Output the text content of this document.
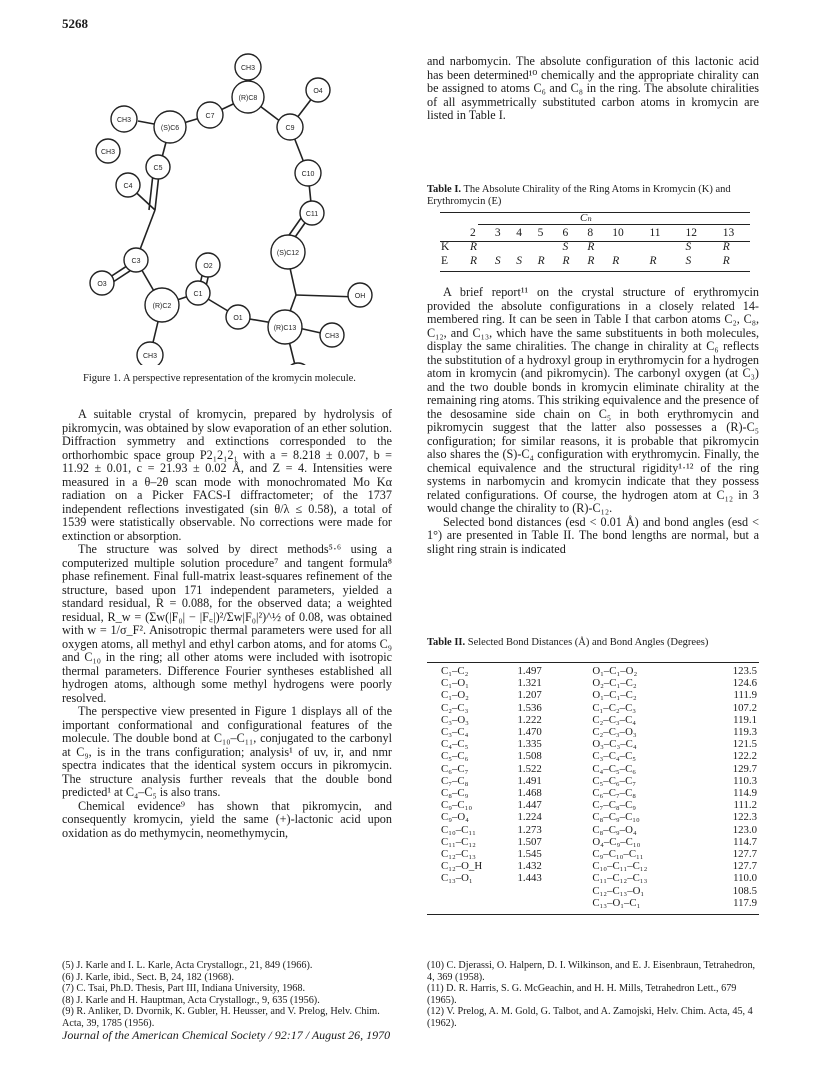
5268
CH3
O4
(R)C8
C7
(S)C6
CH3
C9
CH3
C5
C10
C4
C11
C3
O2
O3
C1
(S)C12
OH
(R)C2
O1
(R)C13
CH3
CH3
Figure 1. A perspective representation of the kromycin molecule.

A suitable crystal of kromycin, prepared by hydrolysis of pikromycin, was obtained by slow evaporation of an ether solution. Diffraction symmetry and extinctions corresponded to the orthorhombic space group P2₁2₁2₁ with a = 8.218 ± 0.007, b = 11.92 ± 0.01, c = 21.93 ± 0.02 Å, and Z = 4. Intensities were measured in a θ–2θ scan mode with monochromated Mo Kα radiation on a Picker FACS-I diffractometer; of the 1737 independent reflections investigated (sin θ/λ ≤ 0.58), a total of 1539 were statistically observable. No corrections were made for extinction or absorption.

The structure was solved by direct methods⁵·⁶ using a computerized multiple solution procedure⁷ and tangent formula⁸ phase refinement. Final full-matrix least-squares refinement of the structure, based upon 171 independent parameters, yielded a standard residual, R = 0.088, for the observed data; a weighted residual, R_w = (Σw(|F₀| − |F꜀|)²/Σw|F₀|²)^½ of 0.08, was obtained with w = 1/σ_F². Anisotropic thermal parameters were used for all oxygen atoms, all methyl and ethyl carbon atoms, and for atoms C₉ and C₁₀ in the ring; all other atoms were included with isotropic thermal parameters. Difference Fourier syntheses established all hydrogen atoms, although some methyl hydrogens were poorly resolved.

The perspective view presented in Figure 1 displays all of the important conformational and configurational features of the molecule. The double bond at C₁₀–C₁₁, conjugated to the carbonyl at C₉, is in the trans configuration; analysis¹ of uv, ir, and nmr spectra indicates that the identical system occurs in pikromycin. The structure analysis further reveals that the double bond predicted¹ at C₄–C₅ is also trans.

Chemical evidence⁹ has shown that pikromycin, and consequently kromycin, yield the same (+)-lactonic acid upon oxidation as do methymycin, neomethymycin,

and narbomycin. The absolute configuration of this lactonic acid has been determined¹⁰ chemically and the appropriate chirality can be assigned to atoms C₆ and C₈ in the ring. The absolute chiralities of all asymmetrically substituted carbon atoms in kromycin are listed in Table I.

Table I. The Absolute Chirality of the Ring Atoms in Kromycin (K) and Erythromycin (E)
Cₙ
	2	3	4	5	6	8	10	11	12	13
K	R				S	R			S	R
E	R	S	S	R	R	R	R	R	S	R

A brief report¹¹ on the crystal structure of erythromycin provided the absolute configurations in a closely related 14-membered ring. It can be seen in Table I that carbon atoms C₂, C₈, C₁₂, and C₁₃, which have the same substituents in both molecules, display the same chiralities. The change in chirality at C₆ reflects the substitution of a hydroxyl group in erythromycin for a hydrogen atom in kromycin (and pikromycin). The carbonyl oxygen (at C₃) and the two double bonds in kromycin eliminate chirality at the remaining ring atoms. This striking equivalence and the presence of the desosamine side chain on C₅ in both erythromycin and pikromycin suggest that the latter also possesses a (R)-C₅ configuration; for similar reasons, it is probable that pikromycin also shares the (S)-C₄ configuration with erythromycin. Finally, the chemical equivalence and the structural rigidity¹·¹² of the ring systems in narbomycin and kromycin indicate that they possess related configurations. Of course, the hydrogen atom at C₁₂ in 3 would change the chirality to (R)-C₁₂.

Selected bond distances (esd < 0.01 Å) and bond angles (esd < 1°) are presented in Table II. The bond lengths are normal, but a slight ring strain is indicated

Table II. Selected Bond Distances (Å) and Bond Angles (Degrees)
C₁–C₂	1.497	O₁–C₁–O₂	123.5
C₁–O₁	1.321	O₂–C₁–C₂	124.6
C₁–O₂	1.207	O₁–C₁–C₂	111.9
C₂–C₃	1.536	C₁–C₂–C₃	107.2
C₃–O₃	1.222	C₂–C₃–C₄	119.1
C₃–C₄	1.470	C₂–C₃–O₃	119.3
C₄–C₅	1.335	O₃–C₃–C₄	121.5
C₅–C₆	1.508	C₃–C₄–C₅	122.2
C₆–C₇	1.522	C₄–C₅–C₆	129.7
C₇–C₈	1.491	C₅–C₆–C₇	110.3
C₈–C₉	1.468	C₆–C₇–C₈	114.9
C₉–C₁₀	1.447	C₇–C₈–C₉	111.2
C₉–O₄	1.224	C₈–C₉–C₁₀	122.3
C₁₀–C₁₁	1.273	C₈–C₉–O₄	123.0
C₁₁–C₁₂	1.507	O₄–C₉–C₁₀	114.7
C₁₂–C₁₃	1.545	C₉–C₁₀–C₁₁	127.7
C₁₂–O_H	1.432	C₁₀–C₁₁–C₁₂	127.7
C₁₃–O₁	1.443	C₁₁–C₁₂–C₁₃	110.0
		C₁₂–C₁₃–O₁	108.5
		C₁₃–O₁–C₁	117.9
(5) J. Karle and I. L. Karle, Acta Crystallogr., 21, 849 (1966).
(6) J. Karle, ibid., Sect. B, 24, 182 (1968).
(7) C. Tsai, Ph.D. Thesis, Part III, Indiana University, 1968.
(8) J. Karle and H. Hauptman, Acta Crystallogr., 9, 635 (1956).
(9) R. Anliker, D. Dvornik, K. Gubler, H. Heusser, and V. Prelog, Helv. Chim. Acta, 39, 1785 (1956).
(10) C. Djerassi, O. Halpern, D. I. Wilkinson, and E. J. Eisenbraun, Tetrahedron, 4, 369 (1958).
(11) D. R. Harris, S. G. McGeachin, and H. H. Mills, Tetrahedron Lett., 679 (1965).
(12) V. Prelog, A. M. Gold, G. Talbot, and A. Zamojski, Helv. Chim. Acta, 45, 4 (1962).
Journal of the American Chemical Society / 92:17 / August 26, 1970
